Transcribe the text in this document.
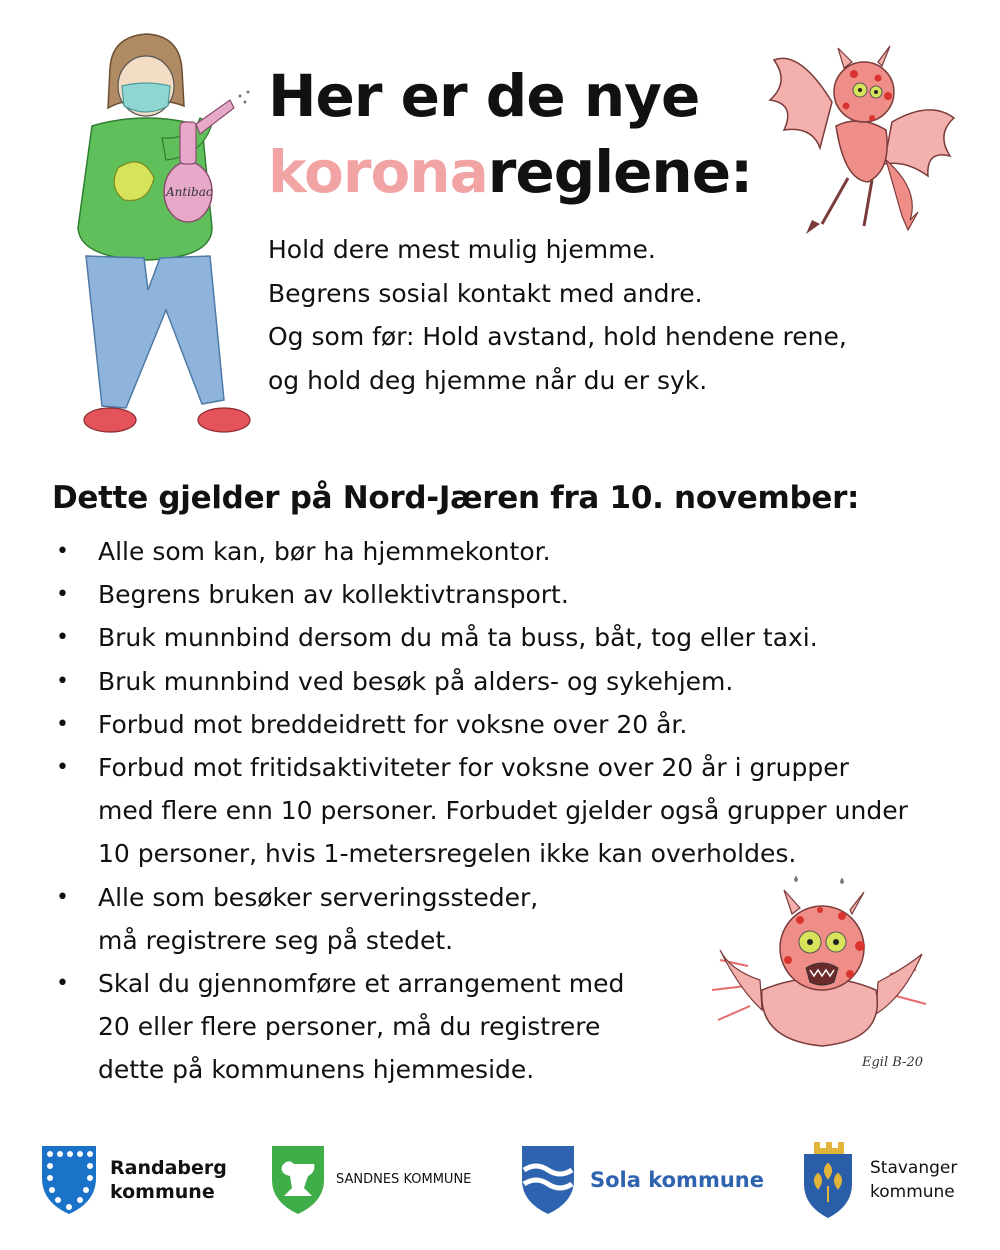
Antibac
Egil B-20
Her er de nye
koronareglene:
Hold dere mest mulig hjemme.
Begrens sosial kontakt med andre.
Og som før: Hold avstand, hold hendene rene,
og hold deg hjemme når du er syk.
Dette gjelder på Nord-Jæren fra 10. november:
• Alle som kan, bør ha hjemmekontor.
• Begrens bruken av kollektivtransport.
• Bruk munnbind dersom du må ta buss, båt, tog eller taxi.
• Bruk munnbind ved besøk på alders- og sykehjem.
• Forbud mot breddeidrett for voksne over 20 år.
• Forbud mot fritidsaktiviteter for voksne over 20 år i grupper
med flere enn 10 personer. Forbudet gjelder også grupper under
10 personer, hvis 1-metersregelen ikke kan overholdes.
• Alle som besøker serveringssteder,
må registrere seg på stedet.
• Skal du gjennomføre et arrangement med
20 eller flere personer, må du registrere
dette på kommunens hjemmeside.
Randaberg
kommune
SANDNES KOMMUNE	Sola kommune	Stavanger
kommune
